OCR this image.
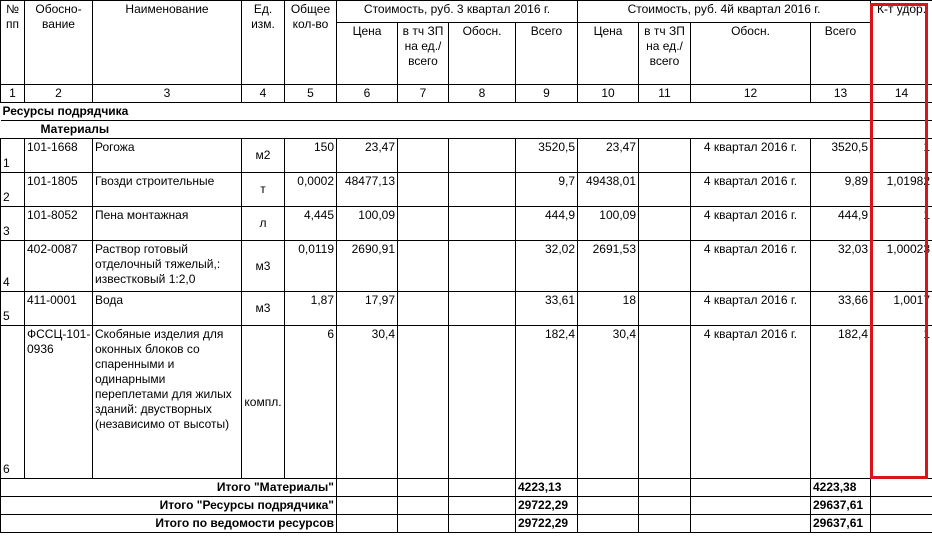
№ пп	Обосно-вание	Наименование	Ед. изм.	Общее кол-во	Стоимость, руб. 3 квартал 2016 г.				Стоимость, руб. 4й квартал 2016 г.				К-т удор.
					Цена	в тч ЗП на ед./ всего	Обосн.	Всего	Цена	в тч ЗП на ед./ всего	Обосн.	Всего	
1	2	3	4	5	6	7	8	9	10	11	12	13	14
Ресурсы подрядчика													
Материалы													
1	101-1668	Рогожа	м2	150	23,47			3520,5	23,47		4 квартал 2016 г.	3520,5	1
2	101-1805	Гвозди строительные	т	0,0002	48477,13			9,7	49438,01		4 квартал 2016 г.	9,89	1,01982
3	101-8052	Пена монтажная	л	4,445	100,09			444,9	100,09		4 квартал 2016 г.	444,9	1
4	402-0087	Раствор готовый отделочный тяжелый,: известковый 1:2,0	м3	0,0119	2690,91			32,02	2691,53		4 квартал 2016 г.	32,03	1,00023
5	411-0001	Вода	м3	1,87	17,97			33,61	18		4 квартал 2016 г.	33,66	1,0017
6	ФССЦ-101-0936	Скобяные изделия для оконных блоков со спаренными и одинарными переплетами для жилых зданий: двустворных (независимо от высоты)	компл.	6	30,4			182,4	30,4		4 квартал 2016 г.	182,4	1
Итого "Материалы"								4223,13				4223,38	
Итого "Ресурсы подрядчика"								29722,29				29637,61	
Итого по ведомости ресурсов								29722,29				29637,61	
